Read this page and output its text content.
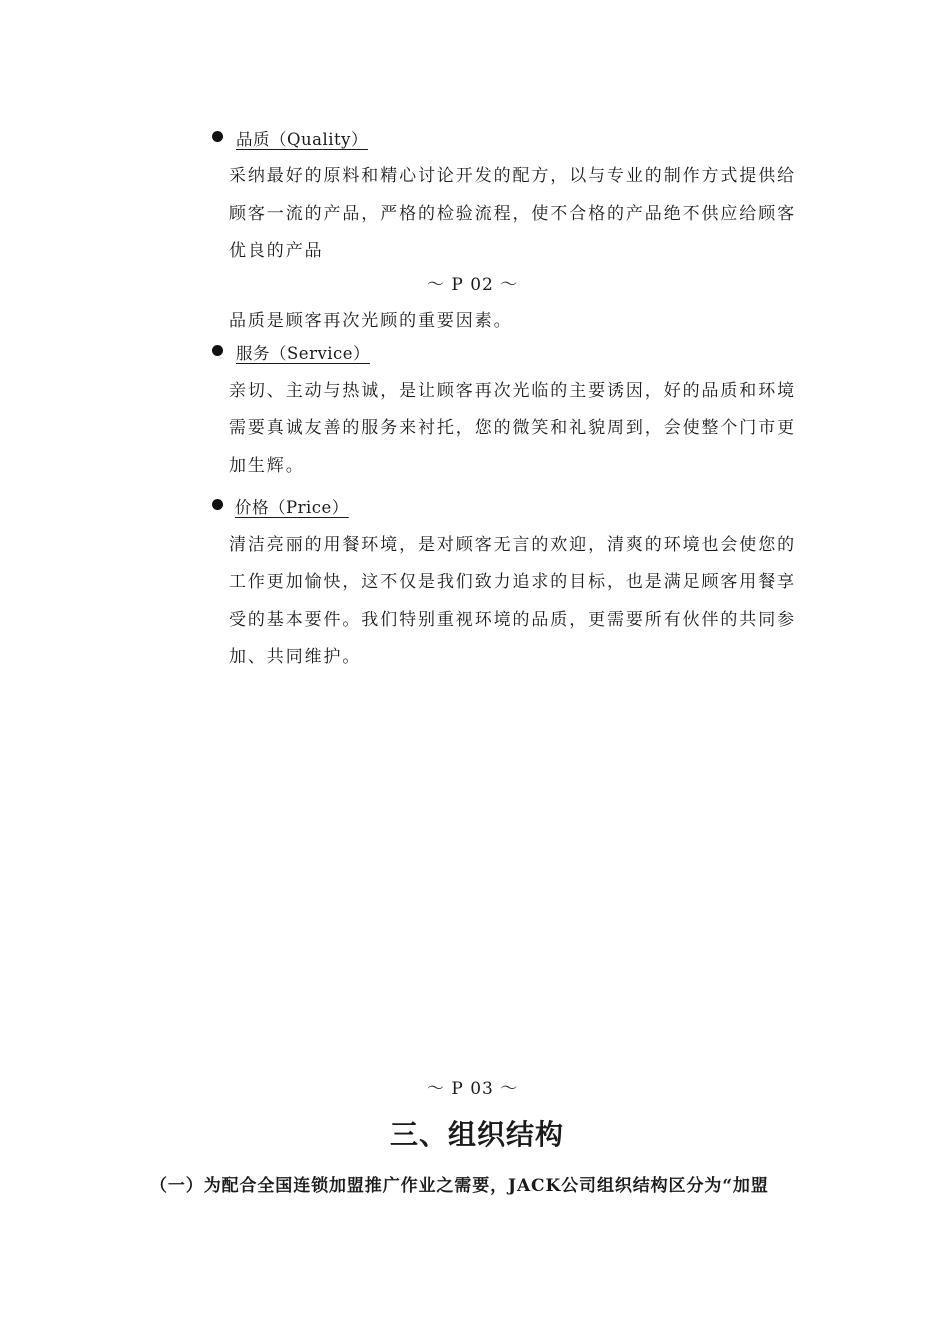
品质（Quality）
采纳最好的原料和精心讨论开发的配方，以与专业的制作方式提供给
顾客一流的产品，严格的检验流程，使不合格的产品绝不供应给顾客
优良的产品
～ P 02 ～
品质是顾客再次光顾的重要因素。
服务（Service）
亲切、主动与热诚，是让顾客再次光临的主要诱因，好的品质和环境
需要真诚友善的服务来衬托，您的微笑和礼貌周到，会使整个门市更
加生辉。
价格（Price）
清洁亮丽的用餐环境，是对顾客无言的欢迎，清爽的环境也会使您的
工作更加愉快，这不仅是我们致力追求的目标，也是满足顾客用餐享
受的基本要件。我们特别重视环境的品质，更需要所有伙伴的共同参
加、共同维护。
～ P 03 ～
三、组织结构
（一）为配合全国连锁加盟推广作业之需要，JACK公司组织结构区分为“加盟
